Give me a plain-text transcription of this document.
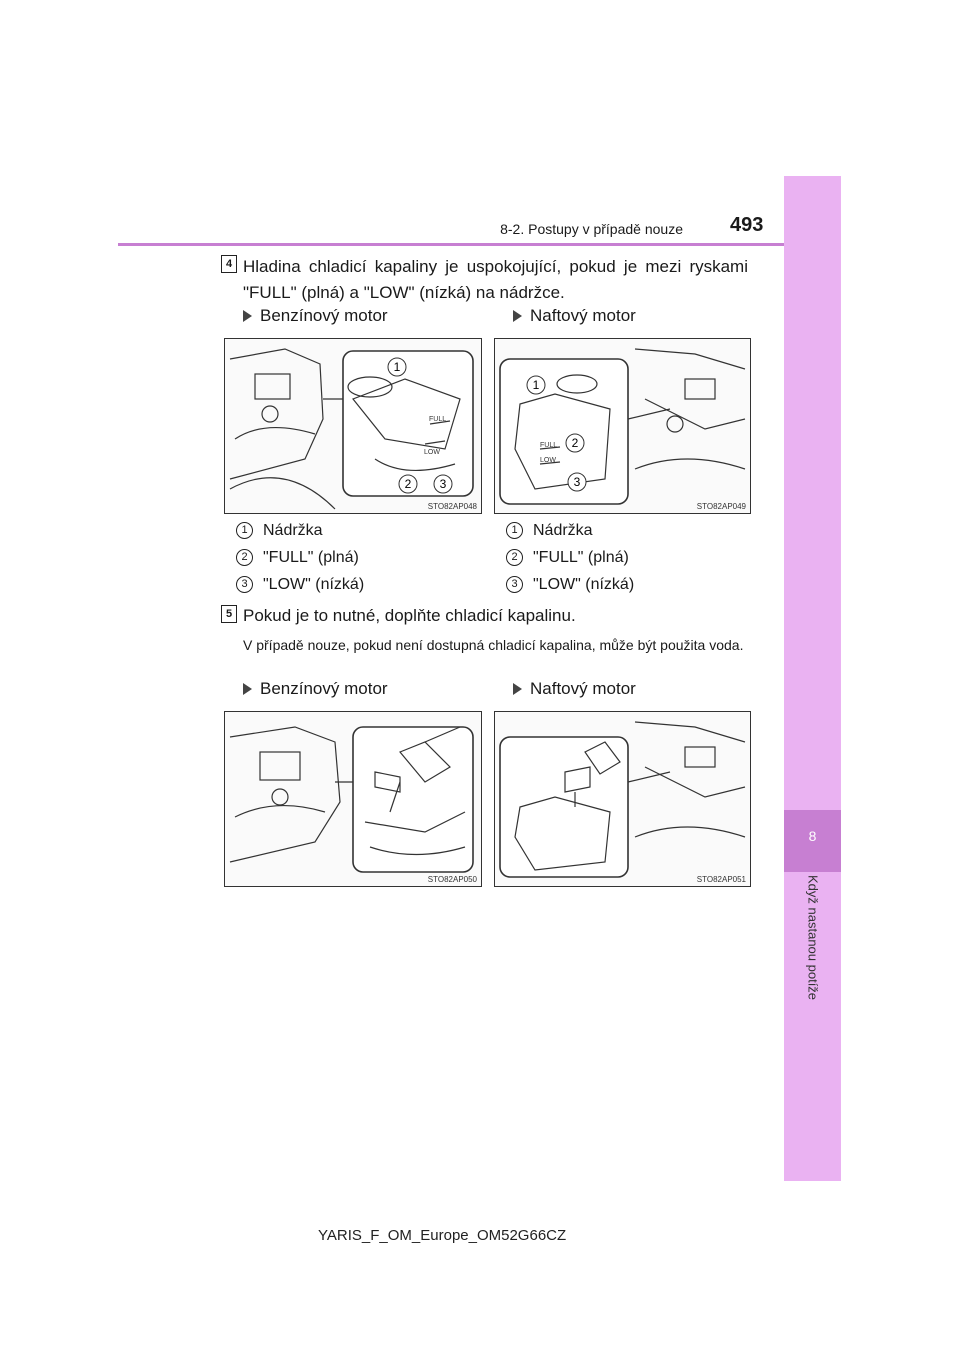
8-2. Postupy v případě nouze 493
8
Když nastanou potíže
4 Hladina chladicí kapaliny je uspokojující, pokud je mezi ryskami "FULL" (plná) a "LOW" (nízká) na nádržce.
Benzínový motor	Naftový motor
FULL
LOW
1
2 3
STO82AP048
FULL
LOW
1
2
3
STO82AP049
1 Nádržka
2 "FULL" (plná)
3 "LOW" (nízká)
1 Nádržka
2 "FULL" (plná)
3 "LOW" (nízká)
5 Pokud je to nutné, doplňte chladicí kapalinu.
V případě nouze, pokud není dostupná chladicí kapalina, může být použita voda.
Benzínový motor	Naftový motor
STO82AP050	STO82AP051
YARIS_F_OM_Europe_OM52G66CZ
